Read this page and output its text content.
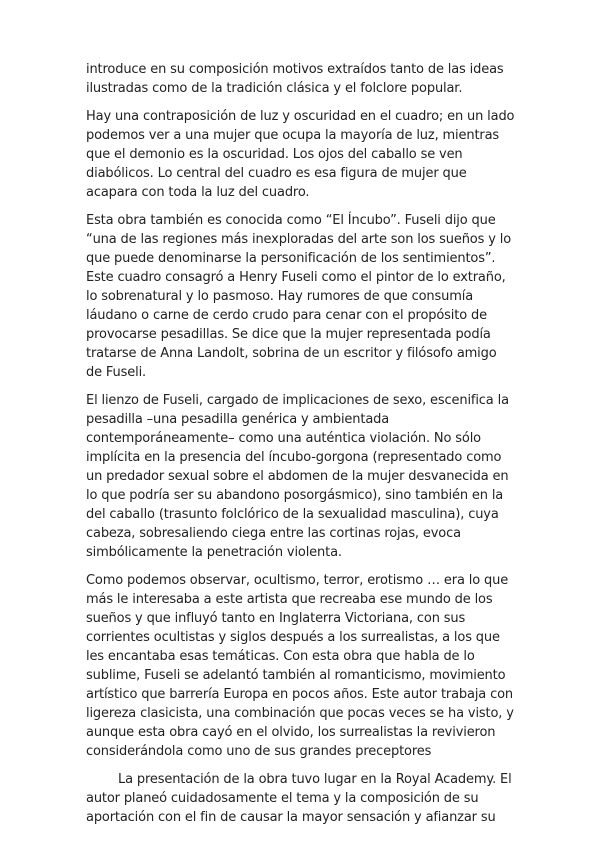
introduce en su composición motivos extraídos tanto de las ideas ilustradas como de la tradición clásica y el folclore popular.

Hay una contraposición de luz y oscuridad en el cuadro; en un lado podemos ver a una mujer que ocupa la mayoría de luz, mientras que el demonio es la oscuridad. Los ojos del caballo se ven diabólicos. Lo central del cuadro es esa figura de mujer que acapara con toda la luz del cuadro.

Esta obra también es conocida como “El Íncubo”. Fuseli dijo que “una de las regiones más inexploradas del arte son los sueños y lo que puede denominarse la personificación de los sentimientos”. Este cuadro consagró a Henry Fuseli como el pintor de lo extraño, lo sobrenatural y lo pasmoso. Hay rumores de que consumía láudano o carne de cerdo crudo para cenar con el propósito de provocarse pesadillas. Se dice que la mujer representada podía tratarse de Anna Landolt, sobrina de un escritor y filósofo amigo de Fuseli.

El lienzo de Fuseli, cargado de implicaciones de sexo, escenifica la pesadilla –una pesadilla genérica y ambientada contemporáneamente– como una auténtica violación. No sólo implícita en la presencia del íncubo-gorgona (representado como un predador sexual sobre el abdomen de la mujer desvanecida en lo que podría ser su abandono posorgásmico), sino también en la del caballo (trasunto folclórico de la sexualidad masculina), cuya cabeza, sobresaliendo ciega entre las cortinas rojas, evoca simbólicamente la penetración violenta.

Como podemos observar, ocultismo, terror, erotismo … era lo que más le interesaba a este artista que recreaba ese mundo de los sueños y que influyó tanto en Inglaterra Victoriana, con sus corrientes ocultistas y siglos después a los surrealistas, a los que les encantaba esas temáticas. Con esta obra que habla de lo sublime, Fuseli se adelantó también al romanticismo, movimiento artístico que barrería Europa en pocos años. Este autor trabaja con ligereza clasicista, una combinación que pocas veces se ha visto, y aunque esta obra cayó en el olvido, los surrealistas la revivieron considerándola como uno de sus grandes preceptores

La presentación de la obra tuvo lugar en la Royal Academy. El autor planeó cuidadosamente el tema y la composición de su aportación con el fin de causar la mayor sensación y afianzar su
